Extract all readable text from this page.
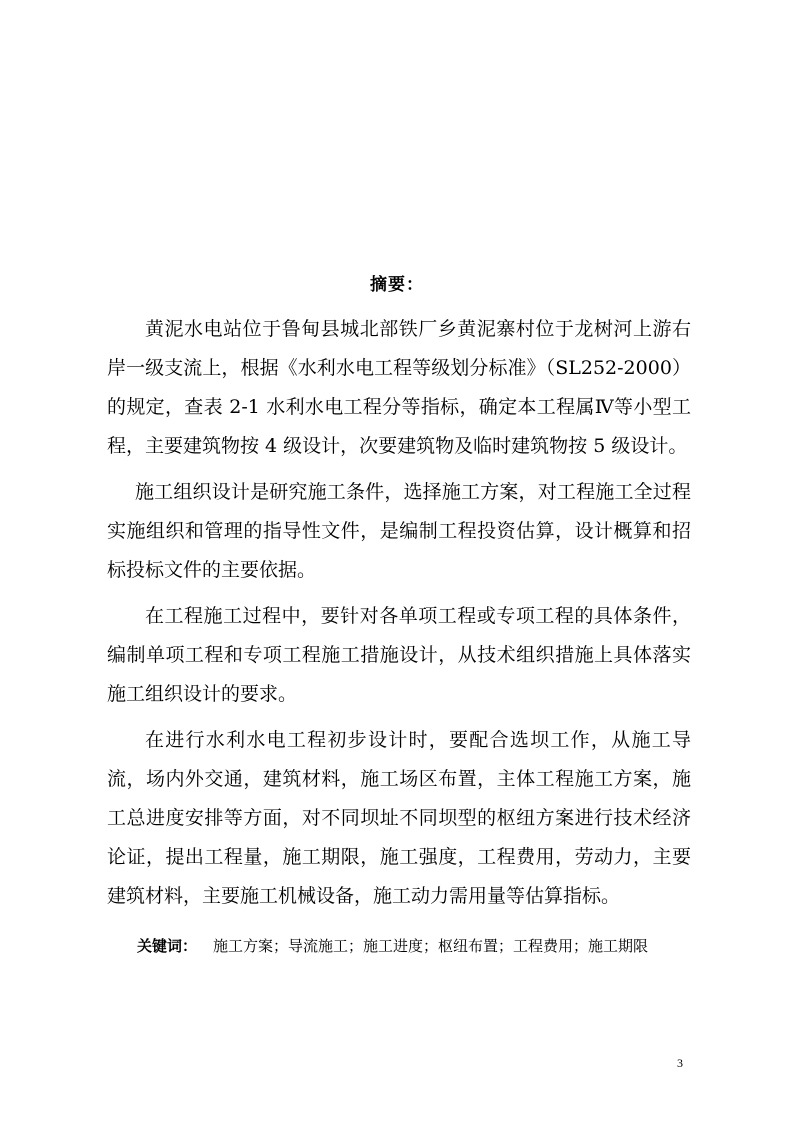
摘要：

黄泥水电站位于鲁甸县城北部铁厂乡黄泥寨村位于龙树河上游右岸一级支流上，根据《水利水电工程等级划分标准》（SL252-2000）的规定，查表 2-1 水利水电工程分等指标，确定本工程属Ⅳ等小型工程，主要建筑物按 4 级设计，次要建筑物及临时建筑物按 5 级设计。

施工组织设计是研究施工条件，选择施工方案，对工程施工全过程实施组织和管理的指导性文件，是编制工程投资估算，设计概算和招标投标文件的主要依据。

在工程施工过程中，要针对各单项工程或专项工程的具体条件，编制单项工程和专项工程施工措施设计，从技术组织措施上具体落实施工组织设计的要求。

在进行水利水电工程初步设计时，要配合选坝工作，从施工导流，场内外交通，建筑材料，施工场区布置，主体工程施工方案，施工总进度安排等方面，对不同坝址不同坝型的枢纽方案进行技术经济论证，提出工程量，施工期限，施工强度，工程费用，劳动力，主要建筑材料，主要施工机械设备，施工动力需用量等估算指标。

关键词： 施工方案；导流施工；施工进度；枢纽布置；工程费用；施工期限
3
